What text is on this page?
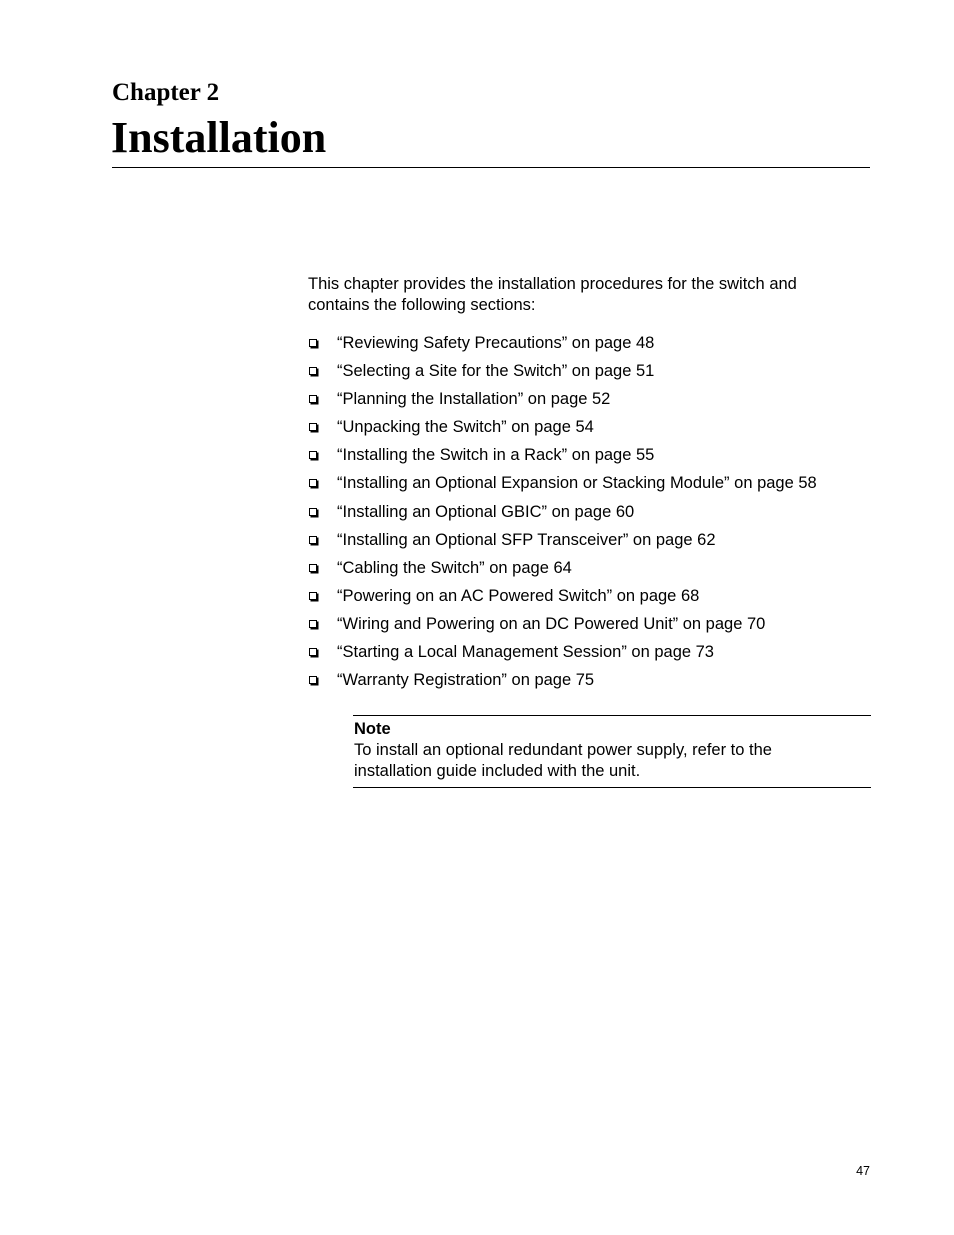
Chapter 2
Installation

This chapter provides the installation procedures for the switch and contains the following sections:

“Reviewing Safety Precautions” on page 48
“Selecting a Site for the Switch” on page 51
“Planning the Installation” on page 52
“Unpacking the Switch” on page 54
“Installing the Switch in a Rack” on page 55
“Installing an Optional Expansion or Stacking Module” on page 58
“Installing an Optional GBIC” on page 60
“Installing an Optional SFP Transceiver” on page 62
“Cabling the Switch” on page 64
“Powering on an AC Powered Switch” on page 68
“Wiring and Powering on an DC Powered Unit” on page 70
“Starting a Local Management Session” on page 73
“Warranty Registration” on page 75
Note
To install an optional redundant power supply, refer to the installation guide included with the unit.
47
